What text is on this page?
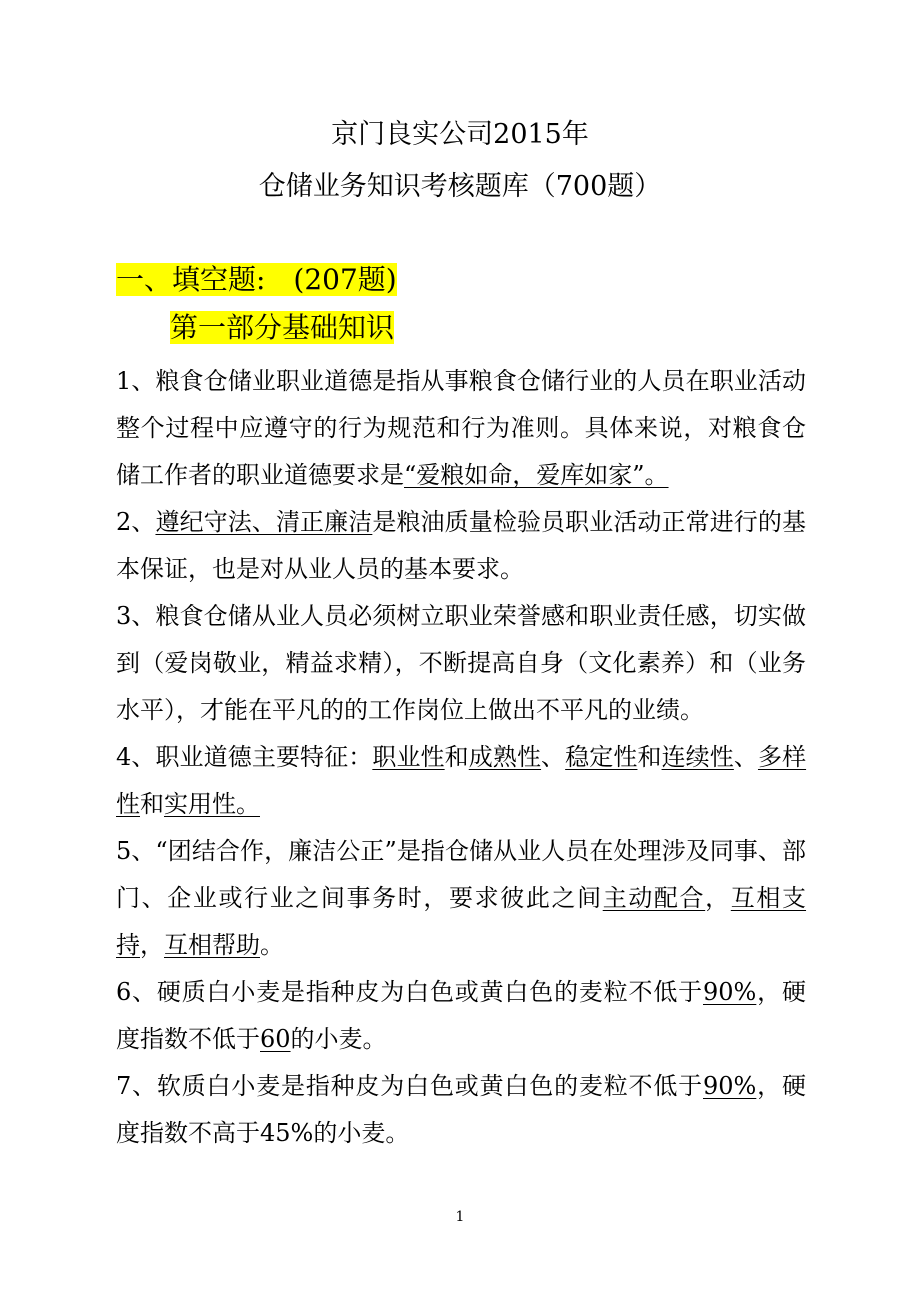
京门良实公司2015年
仓储业务知识考核题库（700题）
一、填空题:　(207题)
第一部分基础知识

1、粮食仓储业职业道德是指从事粮食仓储行业的人员在职业活动整个过程中应遵守的行为规范和行为准则。具体来说，对粮食仓储工作者的职业道德要求是“爱粮如命，爱库如家”。

2、遵纪守法、清正廉洁是粮油质量检验员职业活动正常进行的基本保证，也是对从业人员的基本要求。

3、粮食仓储从业人员必须树立职业荣誉感和职业责任感，切实做到（爱岗敬业，精益求精），不断提高自身（文化素养）和（业务水平），才能在平凡的的工作岗位上做出不平凡的业绩。

4、职业道德主要特征：职业性和成熟性、稳定性和连续性、多样性和实用性。

5、“团结合作，廉洁公正”是指仓储从业人员在处理涉及同事、部门、企业或行业之间事务时，要求彼此之间主动配合，互相支持，互相帮助。

6、硬质白小麦是指种皮为白色或黄白色的麦粒不低于90%，硬度指数不低于60的小麦。

7、软质白小麦是指种皮为白色或黄白色的麦粒不低于90%，硬度指数不高于45%的小麦。

1
